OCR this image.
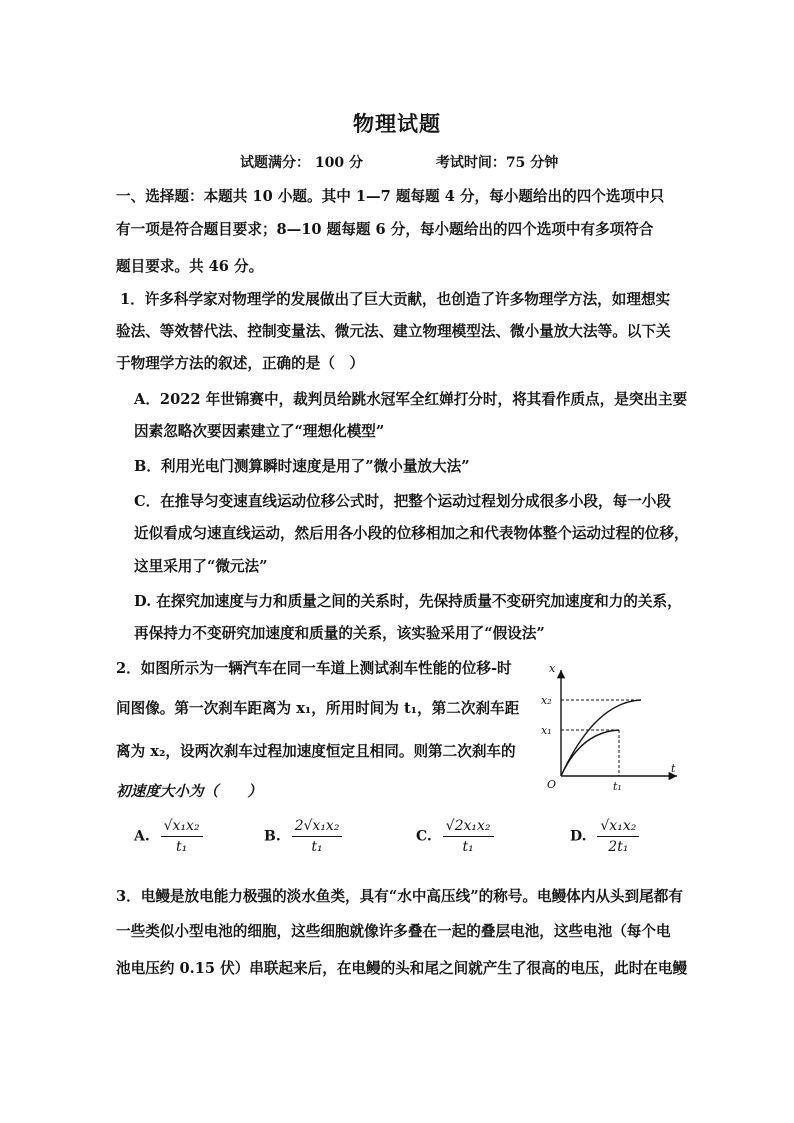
物理试题
试题满分： 100 分	考试时间：75 分钟
一、选择题：本题共 10 小题。其中 1—7 题每题 4 分，每小题给出的四个选项中只
有一项是符合题目要求；8—10 题每题 6 分，每小题给出的四个选项中有多项符合
题目要求。共 46 分。
1．许多科学家对物理学的发展做出了巨大贡献，也创造了许多物理学方法，如理想实
验法、等效替代法、控制变量法、微元法、建立物理模型法、微小量放大法等。以下关
于物理学方法的叙述，正确的是（　）
A．2022 年世锦赛中，裁判员给跳水冠军全红婵打分时，将其看作质点，是突出主要
因素忽略次要因素建立了“理想化模型”
B．利用光电门测算瞬时速度是用了”微小量放大法”
C．在推导匀变速直线运动位移公式时，把整个运动过程划分成很多小段，每一小段
近似看成匀速直线运动，然后用各小段的位移相加之和代表物体整个运动过程的位移，
这里采用了“微元法”
D. 在探究加速度与力和质量之间的关系时，先保持质量不变研究加速度和力的关系，
再保持力不变研究加速度和质量的关系，该实验采用了“假设法”
2．如图所示为一辆汽车在同一车道上测试刹车性能的位移-时
间图像。第一次刹车距离为 x₁，所用时间为 t₁，第二次刹车距
离为 x₂，设两次刹车过程加速度恒定且相同。则第二次刹车的
初速度大小为（　　）
x
t
O
x₂
x₁
t₁
A. $\frac{\text{√x₁x₂}}{\text{t₁}}$	B. $\frac{\text{2√x₁x₂}}{\text{t₁}}$	C. $\frac{\text{√2x₁x₂}}{\text{t₁}}$	D. $\frac{\text{√x₁x₂}}{\text{2t₁}}$
3．电鳗是放电能力极强的淡水鱼类，具有“水中高压线”的称号。电鳗体内从头到尾都有
一些类似小型电池的细胞，这些细胞就像许多叠在一起的叠层电池，这些电池（每个电
池电压约 0.15 伏）串联起来后，在电鳗的头和尾之间就产生了很高的电压，此时在电鳗
